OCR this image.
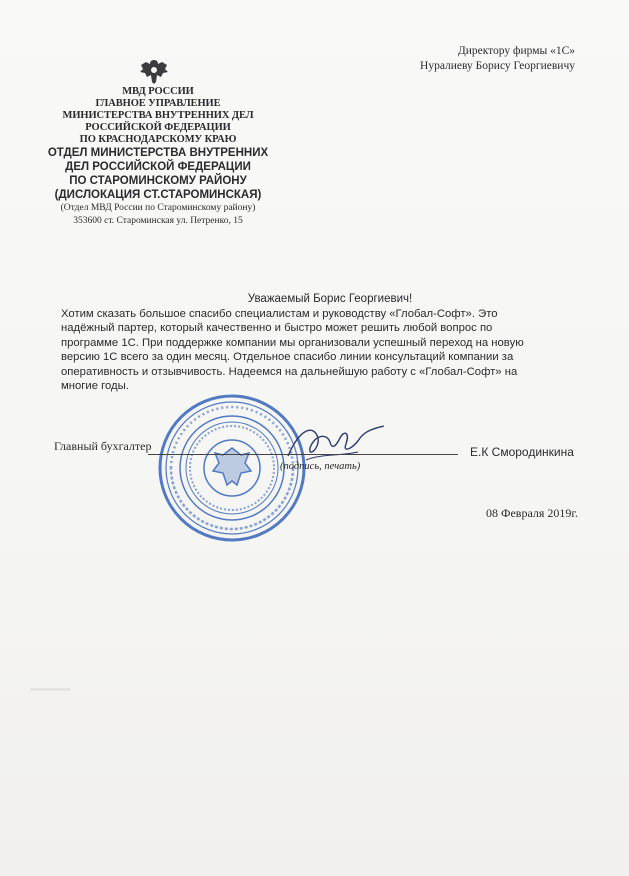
МВД РОССИИ
ГЛАВНОЕ УПРАВЛЕНИЕ
МИНИСТЕРСТВА ВНУТРЕННИХ ДЕЛ
РОССИЙСКОЙ ФЕДЕРАЦИИ
ПО КРАСНОДАРСКОМУ КРАЮ
ОТДЕЛ МИНИСТЕРСТВА ВНУТРЕННИХ
ДЕЛ РОССИЙСКОЙ ФЕДЕРАЦИИ
ПО СТАРОМИНСКОМУ РАЙОНУ
(ДИСЛОКАЦИЯ СТ.СТАРОМИНСКАЯ)
(Отдел МВД России по Староминскому району)
353600 ст. Староминская ул. Петренко, 15
Директору фирмы «1С»
Нуралиеву Борису Георгиевичу
Уважаемый Борис Георгиевич!
Хотим сказать большое спасибо специалистам и руководству «Глобал-Софт». Это
надёжный партер, который качественно и быстро может решить любой вопрос по
программе 1С. При поддержке компании мы организовали успешный переход на новую
версию 1С всего за один месяц. Отдельное спасибо линии консультаций компании за
оперативность и отзывчивость. Надеемся на дальнейшую работу с «Глобал-Софт» на
многие годы.
Главный бухгалтер
(подпись, печать)
Е.К Смородинкина
08 Февраля 2019г.
